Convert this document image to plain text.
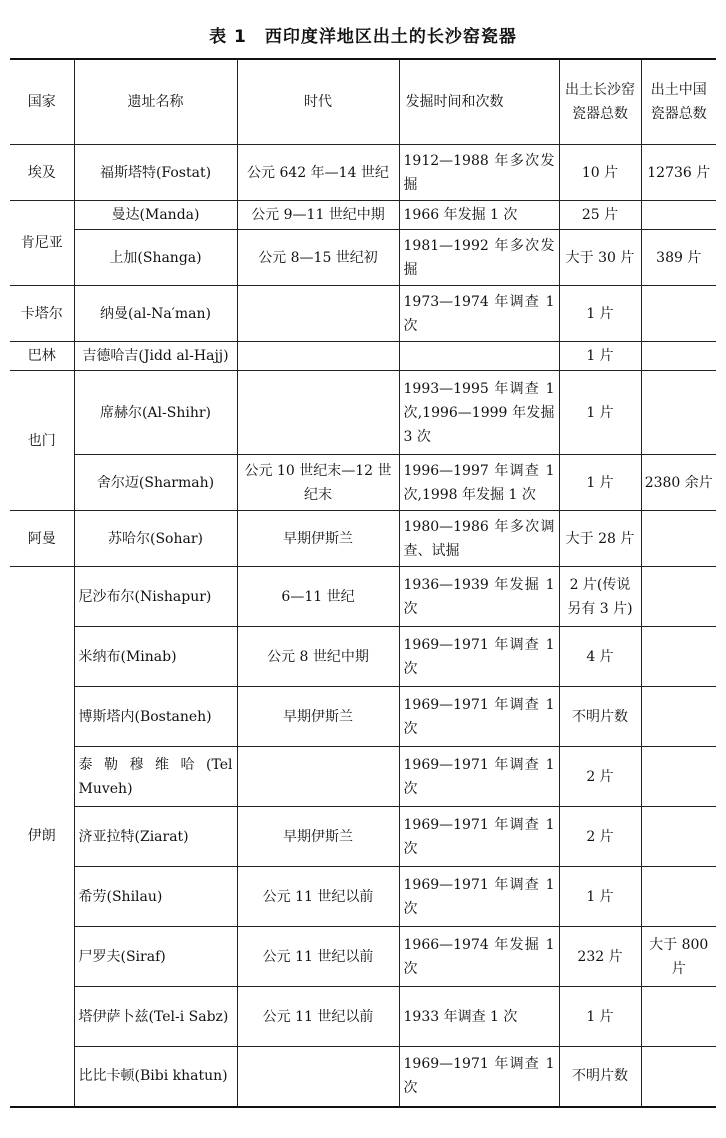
表 1　西印度洋地区出土的长沙窑瓷器
国家	遗址名称	时代	发掘时间和次数	出土长沙窑瓷器总数	出土中国瓷器总数
埃及	福斯塔特(Fostat)	公元 642 年—14 世纪	1912—1988 年多次发掘	10 片	12736 片
肯尼亚	曼达(Manda)	公元 9—11 世纪中期	1966 年发掘 1 次	25 片	
	上加(Shanga)	公元 8—15 世纪初	1981—1992 年多次发掘	大于 30 片	389 片
卡塔尔	纳曼(al-Na′man)		1973—1974 年调查 1 次	1 片	
巴林	吉德哈吉(Jidd al-Hajj)			1 片	
也门	席赫尔(Al-Shihr)		1993—1995 年调查 1 次,1996—1999 年发掘 3 次	1 片	
	舍尔迈(Sharmah)	公元 10 世纪末—12 世纪末	1996—1997 年调查 1 次,1998 年发掘 1 次	1 片	2380 余片
阿曼	苏哈尔(Sohar)	早期伊斯兰	1980—1986 年多次调查、试掘	大于 28 片	
伊朗	尼沙布尔(Nishapur)	6—11 世纪	1936—1939 年发掘 1 次	2 片(传说另有 3 片)	
	米纳布(Minab)	公元 8 世纪中期	1969—1971 年调查 1 次	4 片	
	博斯塔内(Bostaneh)	早期伊斯兰	1969—1971 年调查 1 次	不明片数	
	泰勒穆维哈(Tel Muveh)		1969—1971 年调查 1 次	2 片	
	济亚拉特(Ziarat)	早期伊斯兰	1969—1971 年调查 1 次	2 片	
	希劳(Shilau)	公元 11 世纪以前	1969—1971 年调查 1 次	1 片	
	尸罗夫(Siraf)	公元 11 世纪以前	1966—1974 年发掘 1 次	232 片	大于 800 片
	塔伊萨卜兹(Tel-i Sabz)	公元 11 世纪以前	1933 年调查 1 次	1 片	
	比比卡顿(Bibi khatun)		1969—1971 年调查 1 次	不明片数	
